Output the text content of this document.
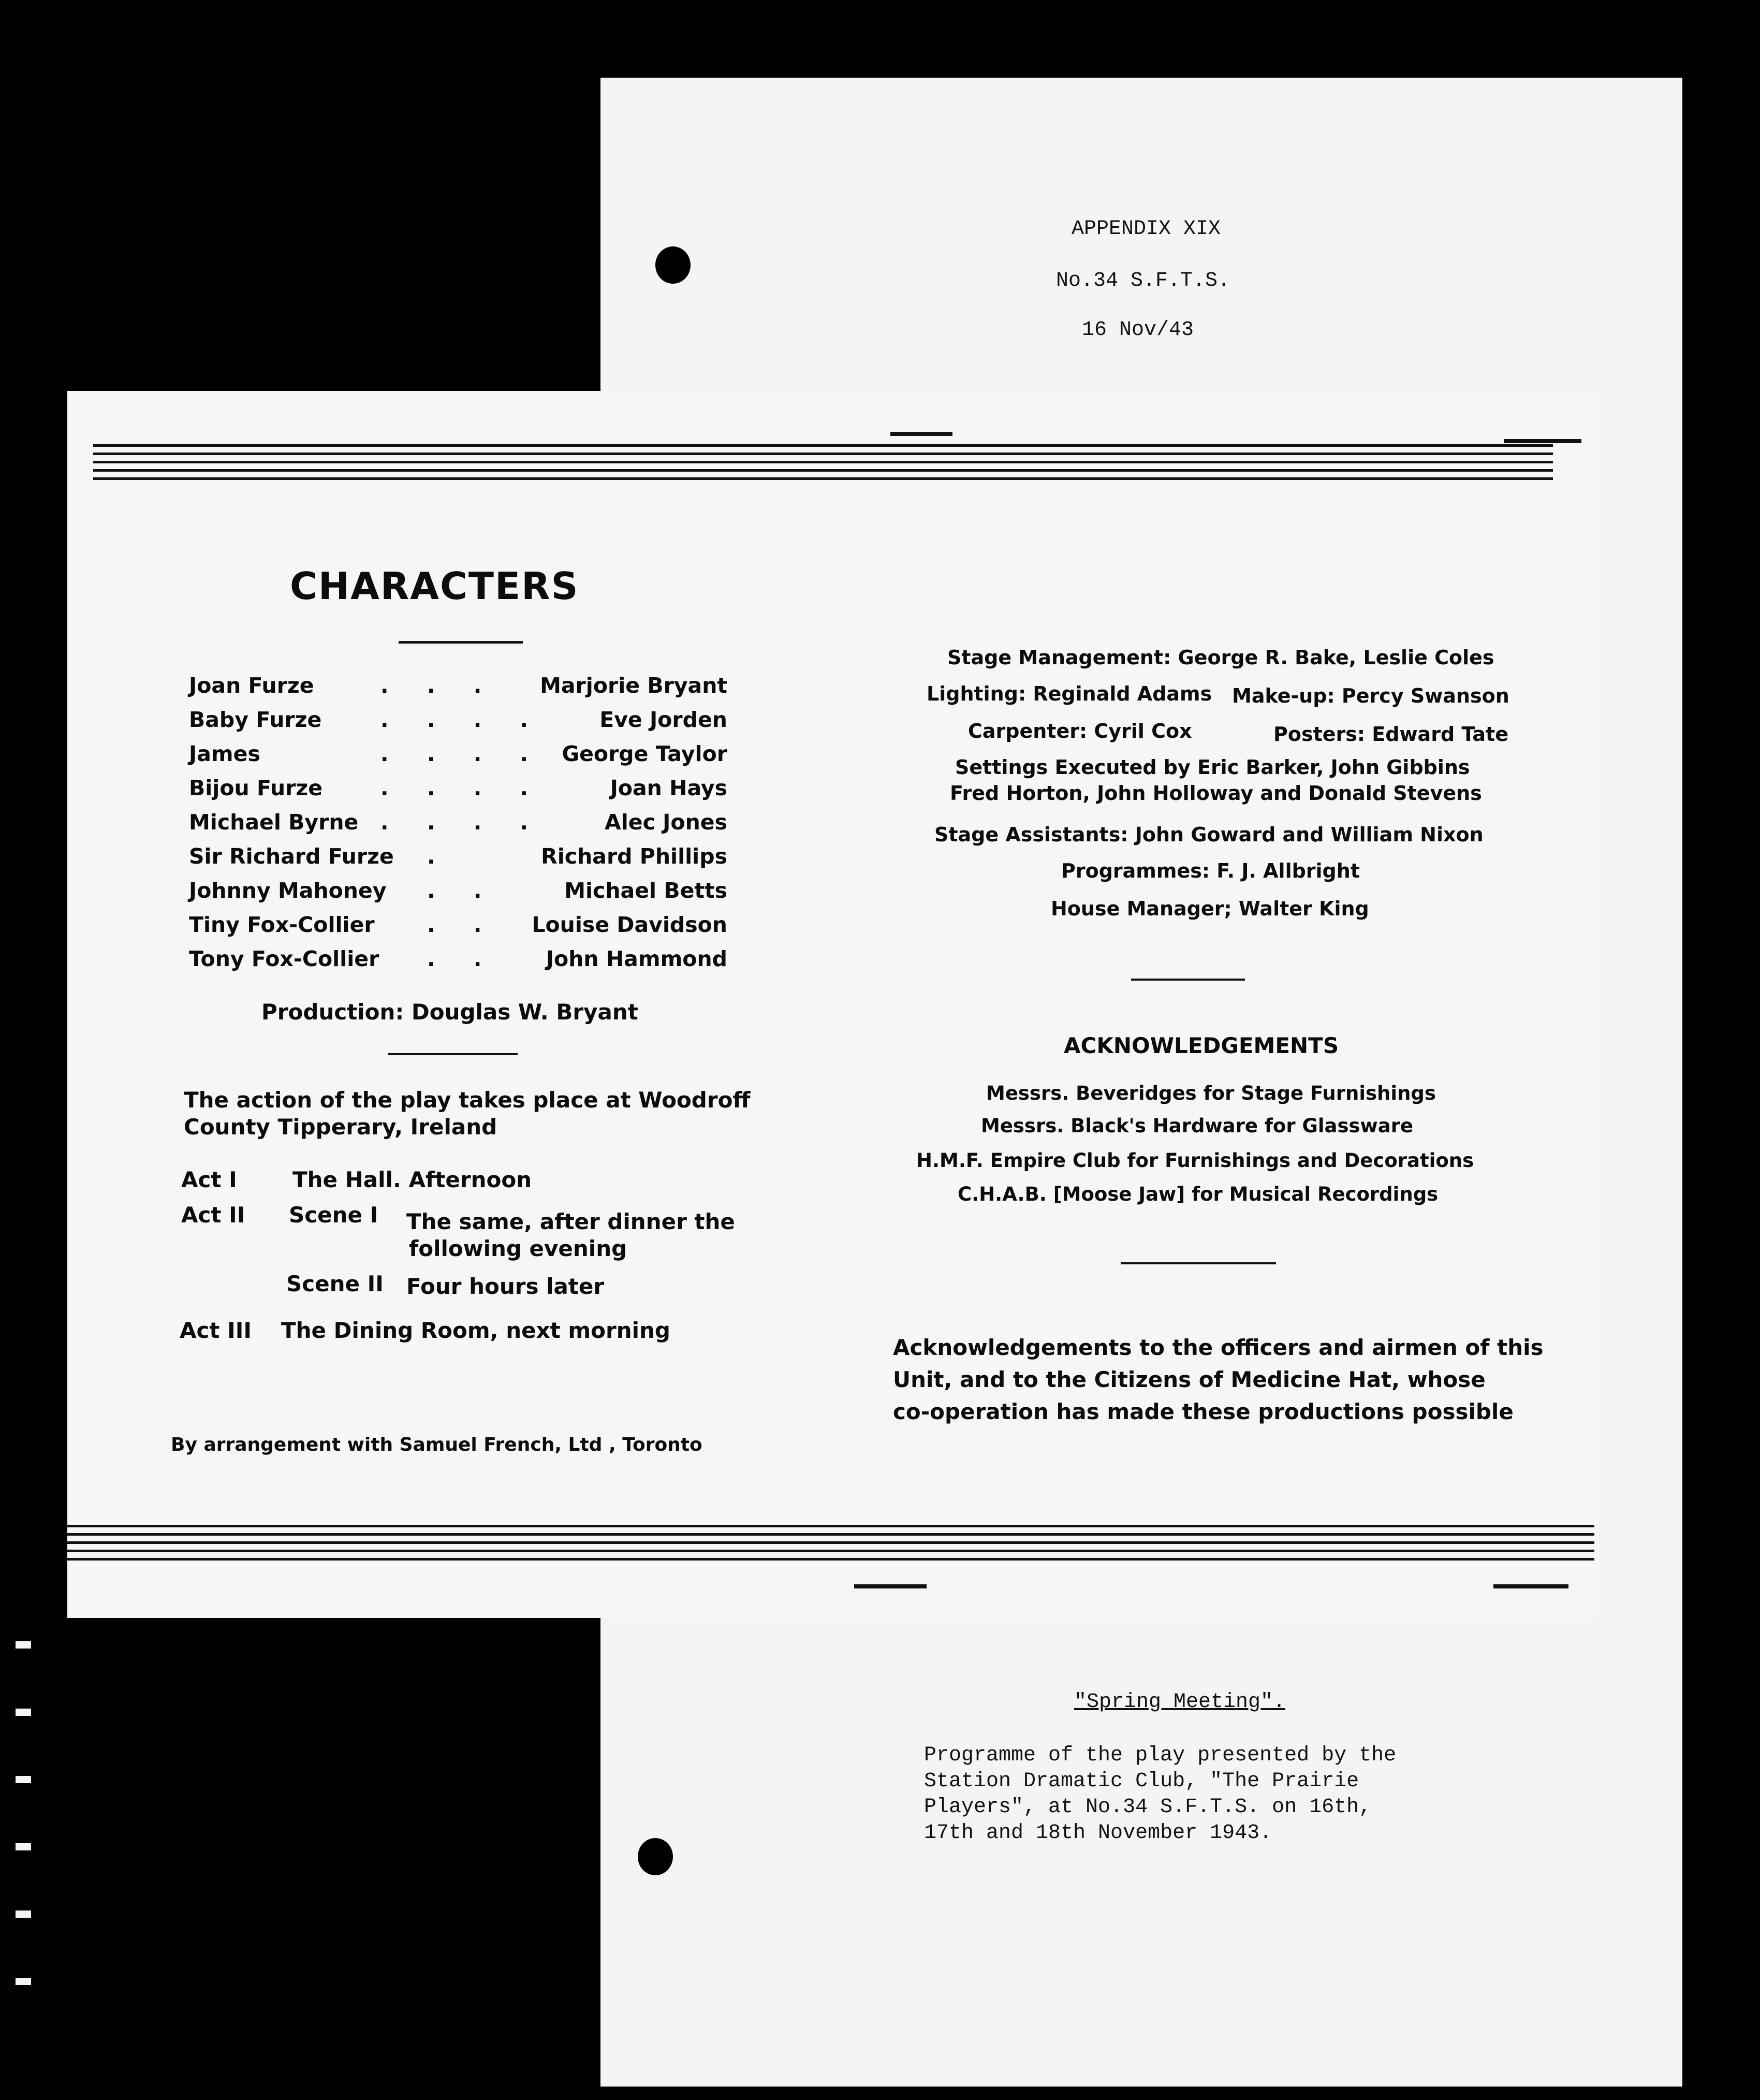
APPENDIX XIX
No.34 S.F.T.S.
16 Nov/43
"Spring Meeting".
Programme of the play presented by the
Station Dramatic Club, "The Prairie
Players", at No.34 S.F.T.S. on 16th,
17th and 18th November 1943.
CHARACTERS
Joan Furze	. . . Marjorie Bryant
Baby Furze	. . . .	Eve Jorden
James	. . . . George Taylor
Bijou Furze	. . . .	Joan Hays
Michael Byrne . . . .	Alec Jones
Sir Richard Furze .	Richard Phillips
Johnny Mahoney . .	Michael Betts
Tiny Fox-Collier . . Louise Davidson
Tony Fox-Collier . . John Hammond
Production: Douglas W. Bryant
The action of the play takes place at Woodroff
County Tipperary, Ireland
Act I	The Hall. Afternoon
Act II Scene I The same, after dinner the
following evening
Scene II Four hours later
Act III The Dining Room, next morning
By arrangement with Samuel French, Ltd , Toronto
Stage Management: George R. Bake, Leslie Coles
Lighting: Reginald Adams Make-up: Percy Swanson
Carpenter: Cyril Cox	Posters: Edward Tate
Settings Executed by Eric Barker, John Gibbins
Fred Horton, John Holloway and Donald Stevens
Stage Assistants: John Goward and William Nixon
Programmes: F. J. Allbright
House Manager; Walter King
ACKNOWLEDGEMENTS
Messrs. Beveridges for Stage Furnishings
Messrs. Black's Hardware for Glassware
H.M.F. Empire Club for Furnishings and Decorations
C.H.A.B. [Moose Jaw] for Musical Recordings
Acknowledgements to the officers and airmen of this
Unit, and to the Citizens of Medicine Hat, whose
co-operation has made these productions possible
